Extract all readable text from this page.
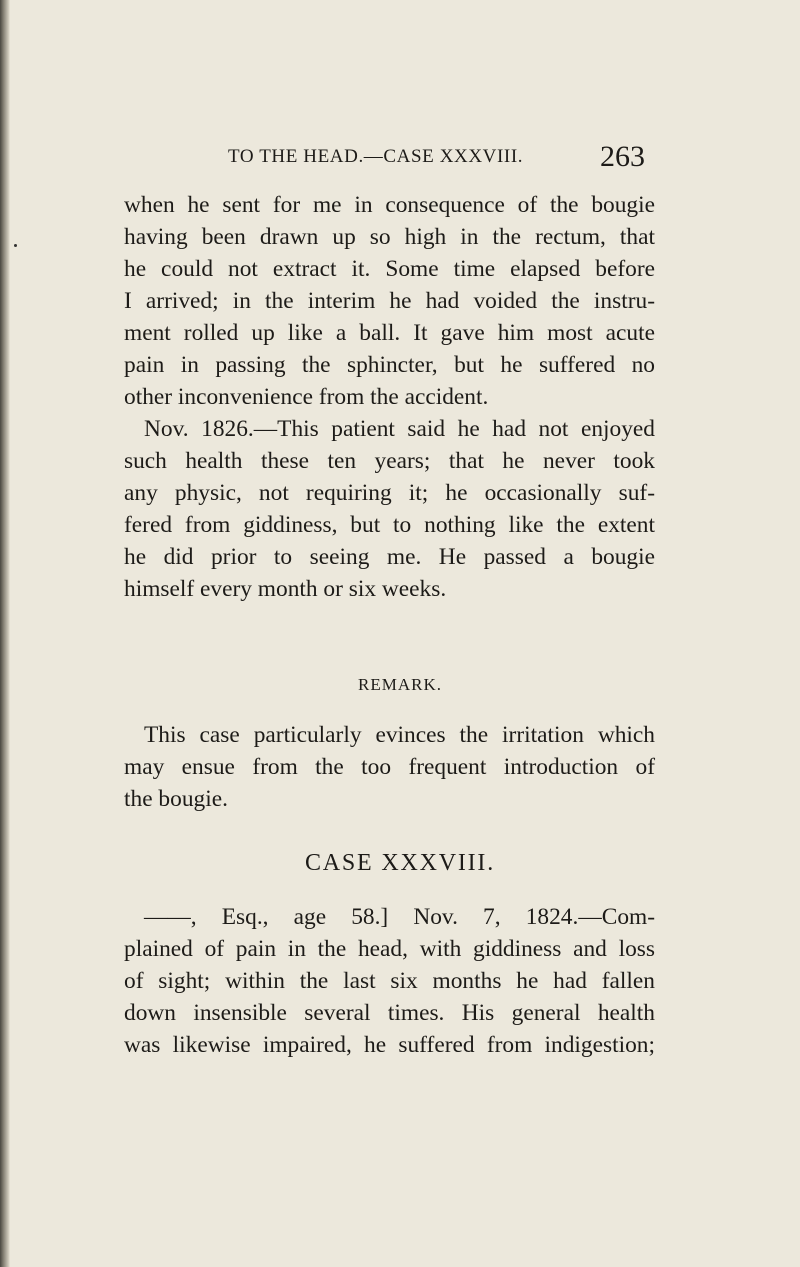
TO THE HEAD.—CASE XXXVIII.	263
when he sent for me in consequence of the bougie
having been drawn up so high in the rectum, that
he could not extract it. Some time elapsed before
I arrived; in the interim he had voided the instru-
ment rolled up like a ball. It gave him most acute
pain in passing the sphincter, but he suffered no
other inconvenience from the accident.
Nov. 1826.—This patient said he had not enjoyed
such health these ten years; that he never took
any physic, not requiring it; he occasionally suf-
fered from giddiness, but to nothing like the extent
he did prior to seeing me. He passed a bougie
himself every month or six weeks.
REMARK.
This case particularly evinces the irritation which
may ensue from the too frequent introduction of
the bougie.
CASE XXXVIII.
——, Esq., age 58.] Nov. 7, 1824.—Com-
plained of pain in the head, with giddiness and loss
of sight; within the last six months he had fallen
down insensible several times. His general health
was likewise impaired, he suffered from indigestion;
